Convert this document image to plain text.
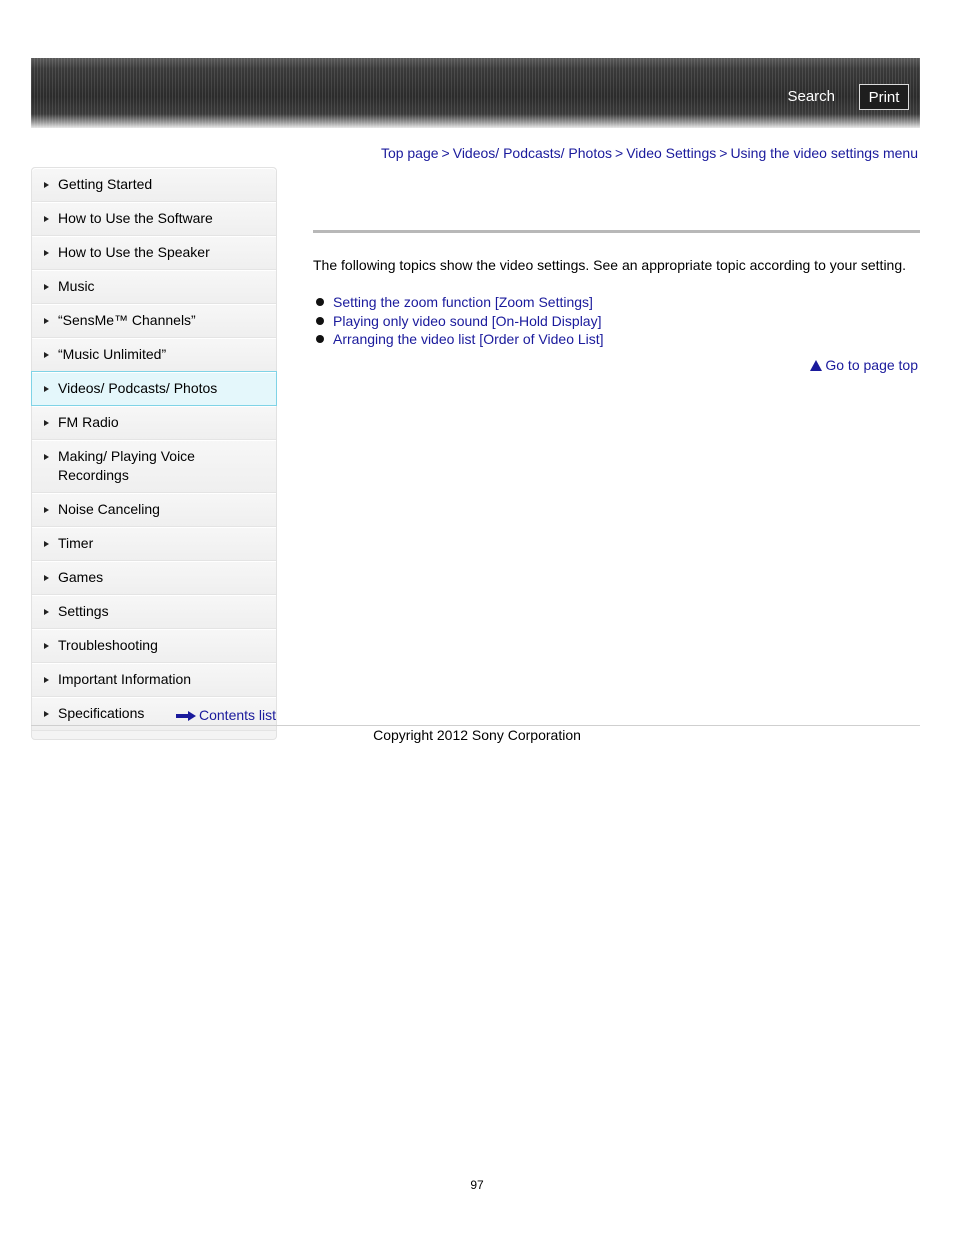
Search	Print
Top page > Videos/ Podcasts/ Photos > Video Settings > Using the video settings menu
Getting Started
How to Use the Software
How to Use the Speaker
Music
“SensMe™ Channels”
“Music Unlimited”
Videos/ Podcasts/ Photos
FM Radio
Making/ Playing Voice Recordings
Noise Canceling
Timer
Games
Settings
Troubleshooting
Important Information
Specifications	Contents list
The following topics show the video settings. See an appropriate topic according to your setting.
Setting the zoom function [Zoom Settings]
Playing only video sound [On-Hold Display]
Arranging the video list [Order of Video List]
Go to page top
Copyright 2012 Sony Corporation
97
